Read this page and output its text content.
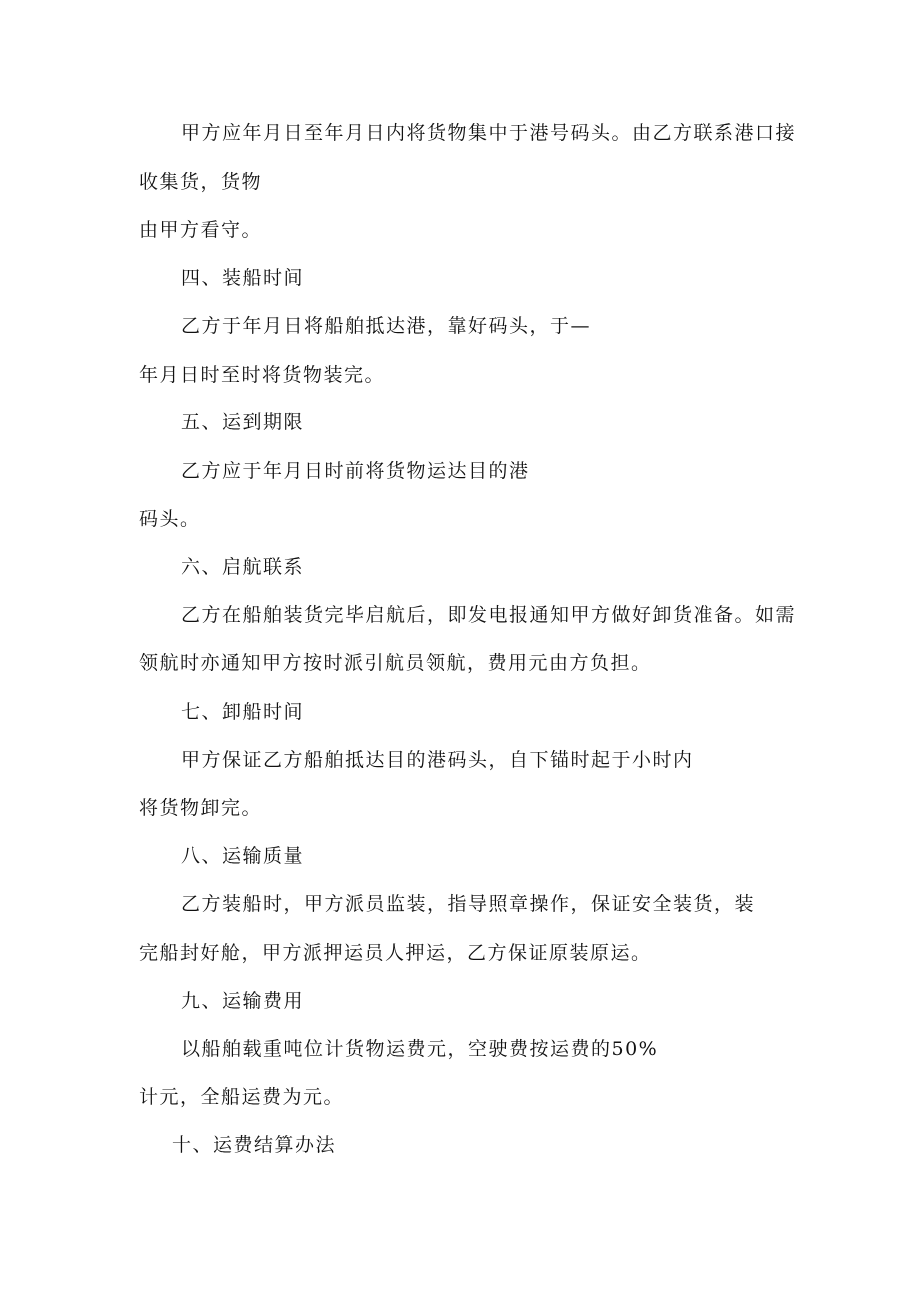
甲方应年月日至年月日内将货物集中于港号码头。由乙方联系港口接
收集货，货物
由甲方看守。
四、装船时间
乙方于年月日将船舶抵达港，靠好码头，于—
年月日时至时将货物装完。
五、运到期限
乙方应于年月日时前将货物运达目的港
码头。
六、启航联系
乙方在船舶装货完毕启航后，即发电报通知甲方做好卸货准备。如需
领航时亦通知甲方按时派引航员领航，费用元由方负担。
七、卸船时间
甲方保证乙方船舶抵达目的港码头，自下锚时起于小时内
将货物卸完。
八、运输质量
乙方装船时，甲方派员监装，指导照章操作，保证安全装货，装
完船封好舱，甲方派押运员人押运，乙方保证原装原运。
九、运输费用
以船舶载重吨位计货物运费元，空驶费按运费的50%
计元，全船运费为元。
十、运费结算办法
